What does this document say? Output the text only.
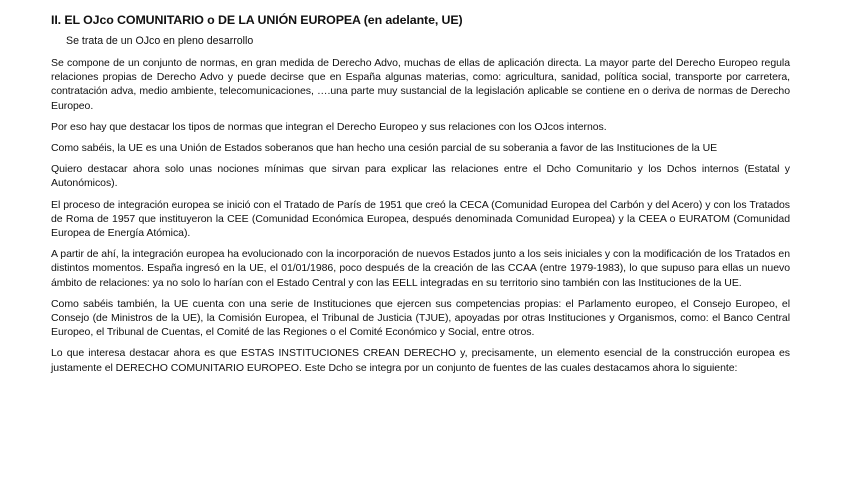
II. EL OJco COMUNITARIO o DE LA UNIÓN EUROPEA (en adelante, UE)
Se trata de un OJco en pleno desarrollo

Se compone de un conjunto de normas, en gran medida de Derecho Advo, muchas de ellas de aplicación directa. La mayor parte del Derecho Europeo regula relaciones propias de Derecho Advo y puede decirse que en España algunas materias, como: agricultura, sanidad, política social, transporte por carretera, contratación adva, medio ambiente, telecomunicaciones, ….una parte muy sustancial de la legislación aplicable se contiene en o deriva de normas de Derecho Europeo.

Por eso hay que destacar los tipos de normas que integran el Derecho Europeo y sus relaciones con los OJcos internos.

Como sabéis, la UE es una Unión de Estados soberanos que han hecho una cesión parcial de su soberania a favor de las Instituciones de la UE

Quiero destacar ahora solo unas nociones mínimas que sirvan para explicar las relaciones entre el Dcho Comunitario y los Dchos internos (Estatal y Autonómicos).

El proceso de integración europea se inició con el Tratado de París de 1951 que creó la CECA (Comunidad Europea del Carbón y del Acero) y con los Tratados de Roma de 1957 que instituyeron la CEE (Comunidad Económica Europea, después denominada Comunidad Europea) y la CEEA o EURATOM (Comunidad Europea de Energía Atómica).

A partir de ahí, la integración europea ha evolucionado con la incorporación de nuevos Estados junto a los seis iniciales y con la modificación de los Tratados en distintos momentos. España ingresó en la UE, el 01/01/1986, poco después de la creación de las CCAA (entre 1979-1983), lo que supuso para ellas un nuevo ámbito de relaciones: ya no solo lo harían con el Estado Central y con las EELL integradas en su territorio sino también con las Instituciones de la UE.

Como sabéis también, la UE cuenta con una serie de Instituciones que ejercen sus competencias propias: el Parlamento europeo, el Consejo Europeo, el Consejo (de Ministros de la UE), la Comisión Europea, el Tribunal de Justicia (TJUE), apoyadas por otras Instituciones y Organismos, como: el Banco Central Europeo, el Tribunal de Cuentas, el Comité de las Regiones o el Comité Económico y Social, entre otros.

Lo que interesa destacar ahora es que ESTAS INSTITUCIONES CREAN DERECHO y, precisamente, un elemento esencial de la construcción europea es justamente el DERECHO COMUNITARIO EUROPEO. Este Dcho se integra por un conjunto de fuentes de las cuales destacamos ahora lo siguiente:
